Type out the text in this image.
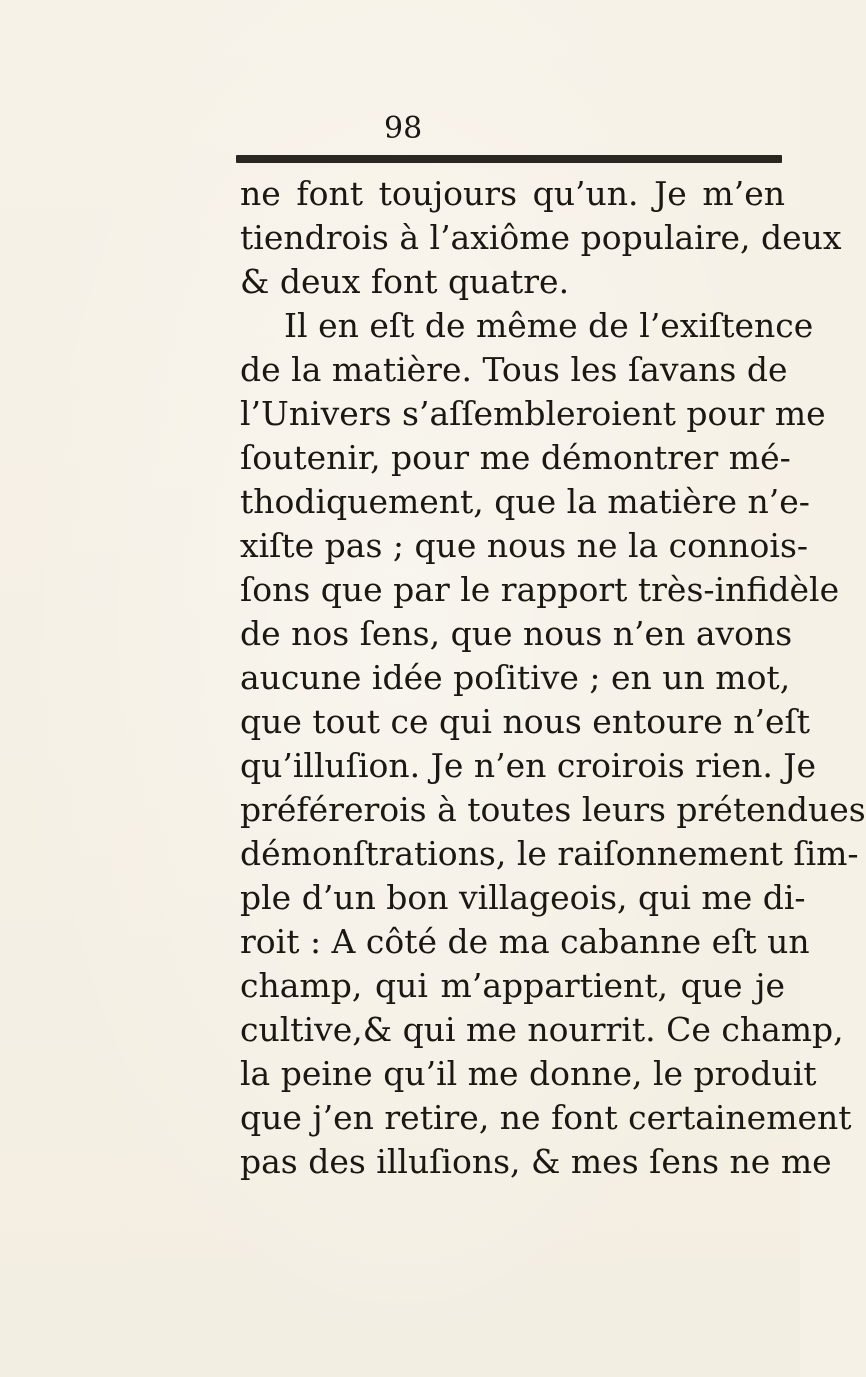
98
ne font toujours qu’un. Je m’en
tiendrois à l’axiôme populaire, deux
& deux font quatre.
Il en eſt de même de l’exiſtence
de la matière. Tous les ſavans de
l’Univers s’aſſembleroient pour me
ſoutenir, pour me démontrer mé-
thodiquement, que la matière n’e-
xiſte pas ; que nous ne la connois-
ſons que par le rapport très-infidèle
de nos ſens, que nous n’en avons
aucune idée poſitive ; en un mot,
que tout ce qui nous entoure n’eſt
qu’illuſion. Je n’en croirois rien. Je
préférerois à toutes leurs prétendues
démonſtrations, le raiſonnement ſim-
ple d’un bon villageois, qui me di-
roit : A côté de ma cabanne eſt un
champ, qui m’appartient, que je
cultive,& qui me nourrit. Ce champ,
la peine qu’il me donne, le produit
que j’en retire, ne font certainement
pas des illuſions, & mes ſens ne me
